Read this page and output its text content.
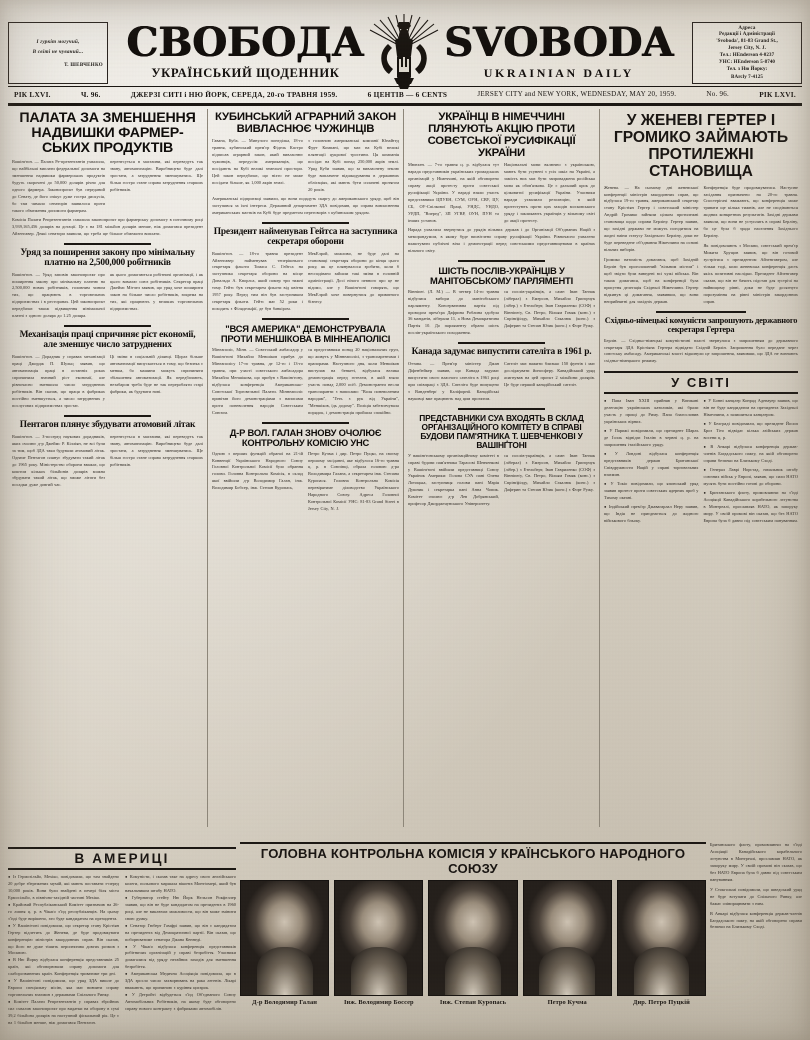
І гуркіт могучий,
В світі не чуваний...
Т. ШЕВЧЕНКО СВОБОДА
УКРАЇНСЬКИЙ ЩОДЕННИК
SVOBODA
UKRAINIAN DAILY
Адреса
Редакції і Адміністрації
'Svoboda', 81-83 Grand St.,
Jersey City, N. J.
Тел.: HEnderson 4-0237
УНС: HEnderson 5-8740
Тел. з Ню Йорку:
BArcly 7-4125
РІК LXVI.	Ч. 96.	ДЖЕРЗІ СИТІ і НЮ ЙОРК, СЕРЕДА, 20-го ТРАВНЯ 1959.	6 ЦЕНТІВ — 6 CENTS	JERSEY CITY and NEW YORK, WEDNESDAY, MAY 20, 1959.	No. 96.	РІК LXVI.
ПАЛАТА ЗА ЗМЕНШЕННЯ НАДВИШКИ ФАРМЕР-СЬКИХ ПРОДУКТІВ
Вашінґтон. — Палата Ре-презентантів ухвалила, що найбільші виплати федеральної допомоги на зменшення надвишки фармерських продуктів будуть скорочені до 50,000 долярів річно для одного фармера. Законопроєкт був переданий до Сенату, де його очікує дуже гостра дискусія, бо там чимало сенаторів заявилося проти такого обмеження допомоги фармерам.
перенесуться в магазини, які переведуть так звану, автоматизацію. Виробництво буде далі зростати, а затруднення зменшуватись. Ще більш гостро стане справа затруднення старших робітників.
Комісія Палати Репрезентантів схвалила законопроєкт про фармерську допомогу в поточному році 3,939,165,456 долярів на дотації. Це є на 181 мільйон долярів менше, ніж домагався президент Айзенгавер. Деякі сенатори заявили, що треба ще більше обмежити виплати.
Уряд за поширення закону про мінімальну платню на 2,500,000 робітників
Вашінґтон. — Уряд заповів законопроєкт про поширення закону про мінімальну платню на 2,500,000 нових робітників, головним чином тих, що працюють в торговельних підприємствах і в ресторанах. Цей законопроєкт передбачає також підвищення мінімальної платні з одного доляра до 1.25 доляра.
як цього домагаються робітничі організації, і як цього вимагає союз робітників. Секретар праці Джеймс Мітчел заявив, що уряд хоче поширити закон на більше число робітників, зокрема на тих, які працюють у великих торговельних підприємствах.
Механізація праці спричиняє ріст економії, але зменшує число затруднених
Вашінґтон. — Дорадник у справах механізації праці Джордж П. Шульц заявив, що автоматизація праці в останніх роках спричинила значний ріст економії, але рівночасно зменшила число затруднених робітників. Він сказав, що праця в фабриках постійно зменшується, а число затруднених у послугових підприємствах зростає.
Ці зміни в соціальній ділянці. Щораз більше автоматизації випускається в тому, що безпека є менша, бо машини можуть спричиняти збільшення автоматизації. Як передбачають, незабаром треба буде не так переробляти старі фабрики, як будувати нові.
Пентагон плянує збудувати атомовий літак
Вашінґтон. — З-посеред наукових дорадників, яких очолює д-р Джеймс Р. Кілліян, не всі були за тим, щоб ЗДА таки будували атомовий літак. Одначе Пентагон плянує збудувати такий літак до 1965 року. Міністерство оборони вважає, що коштом кількох більйонів долярів можна збудувати такий літак, що зможе літати без посадки дуже довгий час.
перенесуться в магазини, які переведуть так звану, автоматизацію. Виробництво буде далі зростати, а затруднення зменшуватись. Ще більш гостро стане справа затруднення старших робітників.
КУБИНСЬКИЙ АГРАРНИЙ ЗАКОН ВИВЛАСНЮЄ ЧУЖИНЦІВ
Гавана, Куба. — Минулого понеділка, 18-го травня, кубинський прем'єр Фідель Кастро підписав аграрний закон, який вивласнює чужинців, передусім американців, що посідають на Кубі великі земельні простори. Цей закон передбачає, що ніхто не може посідати більше, як 1,000 акрів землі.
з головною американські компанії Юнайтед Фрут Компані, що має на Кубі великі плянтації цукрової тростини. Ця компанія посідає на Кубі понад 250,000 акрів землі. Уряд Куби заявив, що за вивласнену землю буде виплачене відшкодування в державних облігаціях, які мають бути сплачені протягом 20 років.
Американські підприємці заявили, що вони подадуть скаргу до американського уряду, щоб він заступився за їхні інтереси. Державний департамент ЗДА повідомив, що справа вивласнення американських маєтків на Кубі буде предметом переговорів з кубинським урядом.
Президент найменував Гейтса на заступника секретаря оборони
Вашінґтон. — 18-го травня президент Айзенгавер найменував теперішнього секретаря фльоти Томаса С. Гейтса на заступника секретаря оборони на місце Дональда А. Кворлса, який помер три тижні тому. Гейтс був секретарем фльоти від квітня 1957 року. Перед тим він був заступником секретаря фльоти. Гейтс має 52 роки і походить з Філядельфії, де був банкіром.
МекЕлрой, можливо, не буде далі на становищі секретаря оборони до кінця цього року, як це плянувалося зробити, коли б несподівано зайшли такі зміни в головній адміністрації. Досі нічого певного про це не відомо, але у Вашінґтоні говорять, що МекЕлрой хоче повернутися до приватного бізнесу.
"ВСЯ АМЕРИКА" ДЕМОНСТРУВАЛА ПРОТИ МЕНШІКОВА В МІННЕАПОЛІСІ
Мінеаполіс, Мінн. — Совєтський амбасадор у Вашінґтоні Михайло Меншіков прибув до Мінеаполісу 17-го травня, де 12-го і 13-го травня, при участі совєтського амбасадора Михайла Меншікова, що прибув з Вашінґтону, відбулася конференція Американсько-Совєтської Торговельної Палати. Міннеаполіс привітав його демонстраціями з написами проти поневолення народів Совєтським Союзом.
ся представники понад 20 національних груп, що живуть у Міннеаполісі, з транспарентами і прапорами. Наступного дня, коли Меншіков виступав на бенкеті, відбулася велика демонстрація перед готелем, в якій взяло участь понад 2,000 осіб. Демонстранти несли транспаранти з написами: "Воля поневоленим народам", "Геть з рук від України", "Меншіков, їдь додому". Поліція забезпечувала порядок, і демонстрація пройшла спокійно.
Д-Р ВОЛ. ГАЛАН ЗНОВУ ОЧОЛЮЄ КОНТРОЛЬНУ КОМІСІЮ УНС
Одною з перших функцій обраної на 21-ій Конвенції Українського Народного Союзу Головної Контрольної Комісії було обрання голови. Головна Контрольна Комісія, в склад якої ввійшли д-р Володимир Галан, інж. Володимир Бобсер, інж. Степан Куропась,
Петро Кучма і дир. Петро Пуцко, на своєму першому засіданні, яке відбулося 16-го травня ц. р. в Союзівці, обрала головою д-ра Володимира Галана, а секретарем інж. Степана Куропася. Головна Контрольна Комісія перевірятиме діловодство Українського Народного Союзу. Адреса Головної Контрольної Комісії УНС: 81-83 Grand Street в Jersey City, N. J.
УКРАЇНЦІ В НІМЕЧЧИНІ ПЛЯНУЮТЬ АКЦІЮ ПРОТИ СОВЄТСЬКОЇ РУСИФІКАЦІЇ УКРАЇНИ
Мюнхен. — 7-го травня ц. р. відбулася тут нарада представників українських громадських організацій у Німеччині, на якій обговорено справу акції протесту проти совєтської русифікації України. У нараді взяли участь представники ЦПУЕН, СУМ, ОУН, СВУ, ЦУ, СБ, ОУ-Спілкової Праці, УНДС, УНДО, УРДП, "Вперед", ЗП УГВР, ОУН, ПУН та інших установ.
Національні мови включно з українською, мають бути усунені з усіх шкіл на Україні, а замість них має бути запроваджена російська мова як обов'язкова. Це є дальший крок до цілковитої русифікації України. Учасники наради ухвалили резолюцію, в якій протестують проти цих заходів московського уряду і закликають українців у вільному світі до акції протесту.
Нарада ухвалила звернутися до урядів вільних держав і до Організації Об'єднаних Націй з меморандумом, в якому буде висвітлено справу русифікації України. Рівночасно ухвалено влаштувати публічні віча і демонстрації перед совєтськими представництвами в країнах вільного світу.
ШІСТЬ ПОСЛІВ-УКРАЇНЦІВ У МАНІТОБСЬКОМУ ПАРЛЯМЕНТІ
Вінніпеґ. (Л. М.) — В четвер 14-го травня відбулися вибори до манітобського парляменту. Консервативна партія під проводом прем'єра Дафрина Роблина здобула 36 мандатів, ліберали 11, а Нова Демократична Партія 10. До парляменту обрано шість послів-українського походження.
ся послів-українців, а саме: Іван Танчак (ліберал) з Емерсон, Михайло Григорчук (лібер.) з Етельберт, Іван Гавриленко (СОФ) з Вінніпеґу, Св. Петро, Вільям Гомяк (конс.) з Спрінґфілду, Михайло Сєкалюк (конс.) з Даферин та Степан Юзик (конс.) з Форт Ружу.
Канада задумає випустити сателіта в 1961 р.
Оттава. — Прем'єр міністер Джан Діфенбейкер заявив, що Канада задумає випустити свого власного сателіта в 1961 році при співпраці з ЗДА. Сателіта буде випущено з Ванденберґ у Каліфорнії. Канадійські науковці вже працюють над цим проєктом.
Сателіт має важити близько 150 фунтів і має досліджувати йоносферу. Канадійський уряд асигнував на цей проєкт 2 мільйони долярів. Це буде перший канадійський сателіт.
ПРЕДСТАВНИКИ СУА ВХОДЯТЬ В СКЛАД ОРГАНІЗАЦІЙНОГО КОМІТЕТУ В СПРАВІ БУДОВИ ПАМ'ЯТНИКА Т. ШЕВЧЕНКОВІ У ВАШІНҐТОНІ
У вашінґтонському організаційному комітеті в справі будови пам'ятника Тарасові Шевченкові у Вашінґтоні ввійшли представниці Союзу Українок Америки: Голова СУА пані Олена Лотоцька, заступниця голови пані Марія Душник і секретарка пані Анна Чопик. Комітет очолює д-р Лев Добрянський, професор Джорджтаунського Університету.
ся послів-українців, а саме: Іван Танчак (ліберал) з Емерсон, Михайло Григорчук (лібер.) з Етельберт, Іван Гавриленко (СОФ) з Вінніпеґу, Св. Петро, Вільям Гомяк (конс.) з Спрінґфілду, Михайло Сєкалюк (конс.) з Даферин та Степан Юзик (конс.) з Форт Ружу.
У ЖЕНЕВІ ГЕРТЕР І ГРОМИКО ЗАЙМАЮТЬ ПРОТИЛЕЖНІ СТАНОВИЩА
Женева. — На сьомому дні женевської конференції міністрів закордонних справ, що відбулася 19-го травня, американський секретар стану Крістіян Гертер і совєтський міністер Андрій Громико зайняли цілком протилежні становища щодо справи Берліну. Гертер заявив, що західні держави не можуть погодитися на жодні зміни статусу Західнього Берліну, доки не буде переведене об'єднання Німеччини на основі вільних виборів.
Громико натомість домагався, щоб Західній Берлін був проголошений "вільним містом" і щоб звідти були виведені всі чужі війська. Він також домагався, щоб на конференції була присутня делегація Східньої Німеччини. Гертер відкинув ці домагання, заявивши, що вони неприйнятні для західніх держав.
Конференція буде продовжуватися. Наступне засідання призначено на 20-го травня. Спостерігачі вважають, що конференція може тривати ще кілька тижнів, але не сподіваються жодних конкретних результатів. Західні держави заявили, що вони не уступлять в справі Берліну, бо це була б зрада населення Західнього Берліну.
Як повідомляють з Москви, совєтський прем'єр Микита Хрущов заявив, що він готовий зустрітися з президентом Айзенгавером, але тільки тоді, коли женевська конференція дасть якісь позитивні наслідки. Президент Айзенгавер сказав, що він не бачить підстав для зустрічі на найвищому рівні, доки не буде досягнуто порозуміння на рівні міністрів закордонних справ.
Східньо-німецькі комуністи запрошують державного секретаря Гертера
Берлін. — Східньо-німецькі комуністичні власті звернулися з запрошенням до державного секретаря ЗДА Крістіяна Гертера відвідати Східній Берлін. Запрошення було передане через совєтську амбасаду. Американські власті відкинули це запрошення, заявивши, що ЗДА не визнають східньо-німецького режиму.
У СВІТІ
● Папа Іван XXIII прийняв у Ватикані делегацію українських католиків, які брали участь у прощі до Риму. Папа благословив українських вірних.
● У Парижі повідомили, що президент Шарль де Ґолль відвідає Італію в червні ц. р. на запрошення італійського уряду.
● У Лондоні відбулася конференція представників держав Британської Співдружности Націй у справі торговельних взаємин.
● У Токіо повідомили, що японський уряд заявив протест проти совєтських ядерних проб у Тихому океані.
● Індійський прем'єр Джавагарлал Неру заявив, що Індія не приєднається до жодного військового бльоку.
● У Бонні канцлер Конрад Аденауер заявив, що він не буде кандидатом на президента Західньої Німеччини, а залишиться канцлером.
● У Белграді повідомили, що президент Йосип Броз Тіто відвідає кілька азійських держав восени ц. р.
● В Анкарі відбулася конференція держав-членів Багдадського пакту, на якій обговорено справи безпеки на Близькому Сході.
● Генерал Лаврі Норстад, начальник штабу союзних військ у Европі, заявив, що сили НАТО мусять бути постійно готові до оборони.
● Британського флоту, промовляючи на з'їзді Асоціяції Канадійського корабельного лєтунства в Монтреалі, прославляв НАТО, як запоруку миру. У своїй промові він сказав, що без НАТО Европа була б давно під совєтським пануванням.
В АМЕРИЦІ
● Із Гермозільйо, Мехіко, повідомили, що там знайдено 20 добре збережених мумій, які мають поставати з-перед 10,000 років. Вони були знайдені в печері біля міста Ермосільйо, в північно-західній частині Мехіко.
● Крайовий Республіканський Комітет призначив на 26-го липня ц. р. в Чікаґо з'їзд республіканців. На цьому з'їзді буде вирішено, хто буде кандидатом на президента.
● У Вашінґтоні повідомили, що секретар стану Крістіян Гертер відлетить до Женеви, де буде продовжувати конференцію міністрів закордонних справ. Він сказав, що його не дуже тішить перспектива довгих розмов з Москвою.
● В Ню Йорку відбулася конференція представників 25 країн, які обговорювали справу допомоги для слаборозвинених країн. Конференція триватиме три дні.
● У Вашінґтоні повідомили, що уряд ЗДА вишле до Европи спеціяльну місію, яка має вивчити справу торговельних взаємин з державами Спільного Ринку.
● Комітет Палати Репрезентантів у справах збройних сил схвалив законопроєкт про видатки на оборону в сумі 39,2 більйона долярів на наступний фіскальний рік. Це є на 1 більйон менше, ніж домагався Пентагон.
● Комуністи, і сказав таке на адресу свого англійського колеги, польового маршала віконта Монтґомері, який був начальником штабу НАТО.
● Губернатор стейту Ню Йорк Нельсон Рокфеллер заявив, що він не буде кандидатом на президента в 1960 році, але не виключає можливости, що він може змінити свою думку.
● Сенатор Гюберт Гамфрі заявив, що він є кандидатом на президента від Демократичної партії. Він сказав, що поборюватиме сенатора Джана Кеннеді.
● У Чікаґо відбулася конференція представників робітничих організацій у справі безробіття. Учасники домагалися від уряду негайних заходів для зменшення безробіття.
● Американська Медична Асоціяція повідомила, що в ЗДА зросло число захворювань на рака легенів. Лікарі вважають, що причиною є куріння цигарок.
● У Детройті відбудеться з'їзд Об'єднаного Союзу Автомобільних Робітників, на якому буде обговорено справу нового контракту з фабриками автомобілів.
ГОЛОВНА КОНТРОЛЬНА КОМІСІЯ У КРАЇНСЬКОГО НАРОДНОГО СОЮЗУ
Д-р Володимир Галан	Інж. Володимир Боссер	Інж. Степан Куропась	Петро Кучма	Дир. Петро Пуцкій
Британського флоту, промовляючи на з'їзді Асоціяції Канадійського корабельного лєтунства в Монтреалі, прославляв НАТО, як запоруку миру. У своїй промові він сказав, що без НАТО Европа була б давно під совєтським пануванням.
У Стокгольмі повідомили, що шведський уряд не буде вступати до Спільного Ринку, але бажає співпрацювати з ним.
В Анкарі відбулася конференція держав-членів Багдадського пакту, на якій обговорено справи безпеки на Близькому Сході.
